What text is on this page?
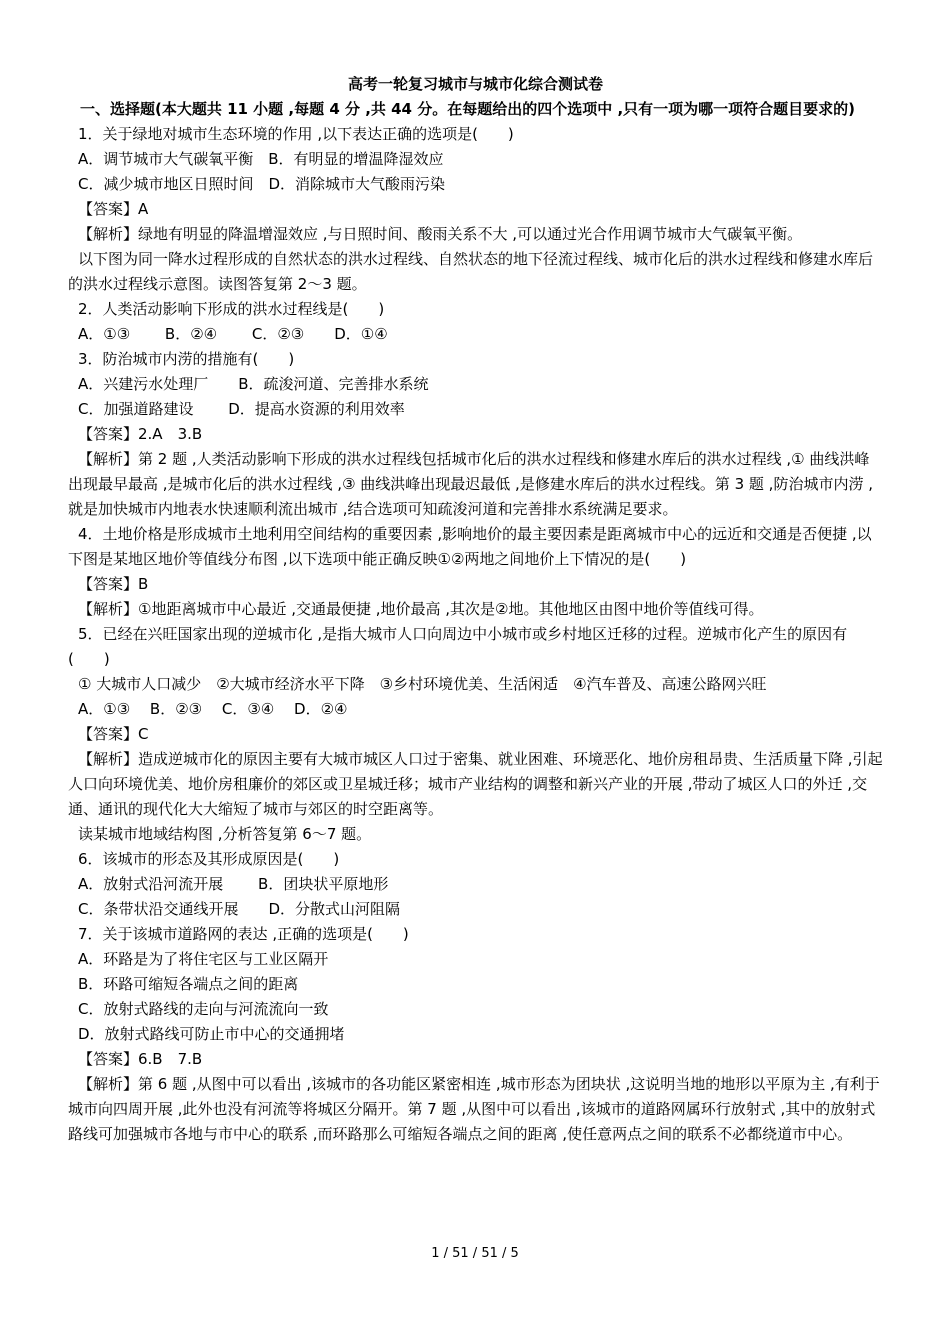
高考一轮复习城市与城市化综合测试卷

一、选择题(本大题共 11 小题 ,每题 4 分 ,共 44 分。在每题给出的四个选项中 ,只有一项为哪一项符合题目要求的)

1．关于绿地对城市生态环境的作用 ,以下表达正确的选项是(　　)

A．调节城市大气碳氧平衡　B．有明显的增温降湿效应

C．减少城市地区日照时间　D．消除城市大气酸雨污染

【答案】A

【解析】绿地有明显的降温增湿效应 ,与日照时间、酸雨关系不大 ,可以通过光合作用调节城市大气碳氧平衡。

以下图为同一降水过程形成的自然状态的洪水过程线、自然状态的地下径流过程线、城市化后的洪水过程线和修建水库后的洪水过程线示意图。读图答复第 2～3 题。

2．人类活动影响下形成的洪水过程线是(　　)

A．①③　　 B．②④　　 C．②③　　D．①④

3．防治城市内涝的措施有(　　)

A．兴建污水处理厂　　B．疏浚河道、完善排水系统

C．加强道路建设　　 D．提高水资源的利用效率

【答案】2.A　3.B

【解析】第 2 题 ,人类活动影响下形成的洪水过程线包括城市化后的洪水过程线和修建水库后的洪水过程线 ,① 曲线洪峰出现最早最高 ,是城市化后的洪水过程线 ,③ 曲线洪峰出现最迟最低 ,是修建水库后的洪水过程线。第 3 题 ,防治城市内涝 ,就是加快城市内地表水快速顺利流出城市 ,结合选项可知疏浚河道和完善排水系统满足要求。

4．土地价格是形成城市土地利用空间结构的重要因素 ,影响地价的最主要因素是距离城市中心的远近和交通是否便捷 ,以下图是某地区地价等值线分布图 ,以下选项中能正确反映①②两地之间地价上下情况的是(　　)

【答案】B

【解析】①地距离城市中心最近 ,交通最便捷 ,地价最高 ,其次是②地。其他地区由图中地价等值线可得。

5．已经在兴旺国家出现的逆城市化 ,是指大城市人口向周边中小城市或乡村地区迁移的过程。逆城市化产生的原因有(　　)

① 大城市人口减少　②大城市经济水平下降　③乡村环境优美、生活闲适　④汽车普及、高速公路网兴旺

A．①③　 B．②③　 C．③④　 D．②④

【答案】C

【解析】造成逆城市化的原因主要有大城市城区人口过于密集、就业困难、环境恶化、地价房租昂贵、生活质量下降 ,引起人口向环境优美、地价房租廉价的郊区或卫星城迁移；城市产业结构的调整和新兴产业的开展 ,带动了城区人口的外迁 ,交通、通讯的现代化大大缩短了城市与郊区的时空距离等。

读某城市地域结构图 ,分析答复第 6～7 题。

6．该城市的形态及其形成原因是(　　)

A．放射式沿河流开展　　 B．团块状平原地形

C．条带状沿交通线开展　　D．分散式山河阻隔

7．关于该城市道路网的表达 ,正确的选项是(　　)

A．环路是为了将住宅区与工业区隔开

B．环路可缩短各端点之间的距离

C．放射式路线的走向与河流流向一致

D．放射式路线可防止市中心的交通拥堵

【答案】6.B　7.B

【解析】第 6 题 ,从图中可以看出 ,该城市的各功能区紧密相连 ,城市形态为团块状 ,这说明当地的地形以平原为主 ,有利于城市向四周开展 ,此外也没有河流等将城区分隔开。第 7 题 ,从图中可以看出 ,该城市的道路网属环行放射式 ,其中的放射式路线可加强城市各地与市中心的联系 ,而环路那么可缩短各端点之间的距离 ,使任意两点之间的联系不必都绕道市中心。

1 / 51 / 51 / 5
